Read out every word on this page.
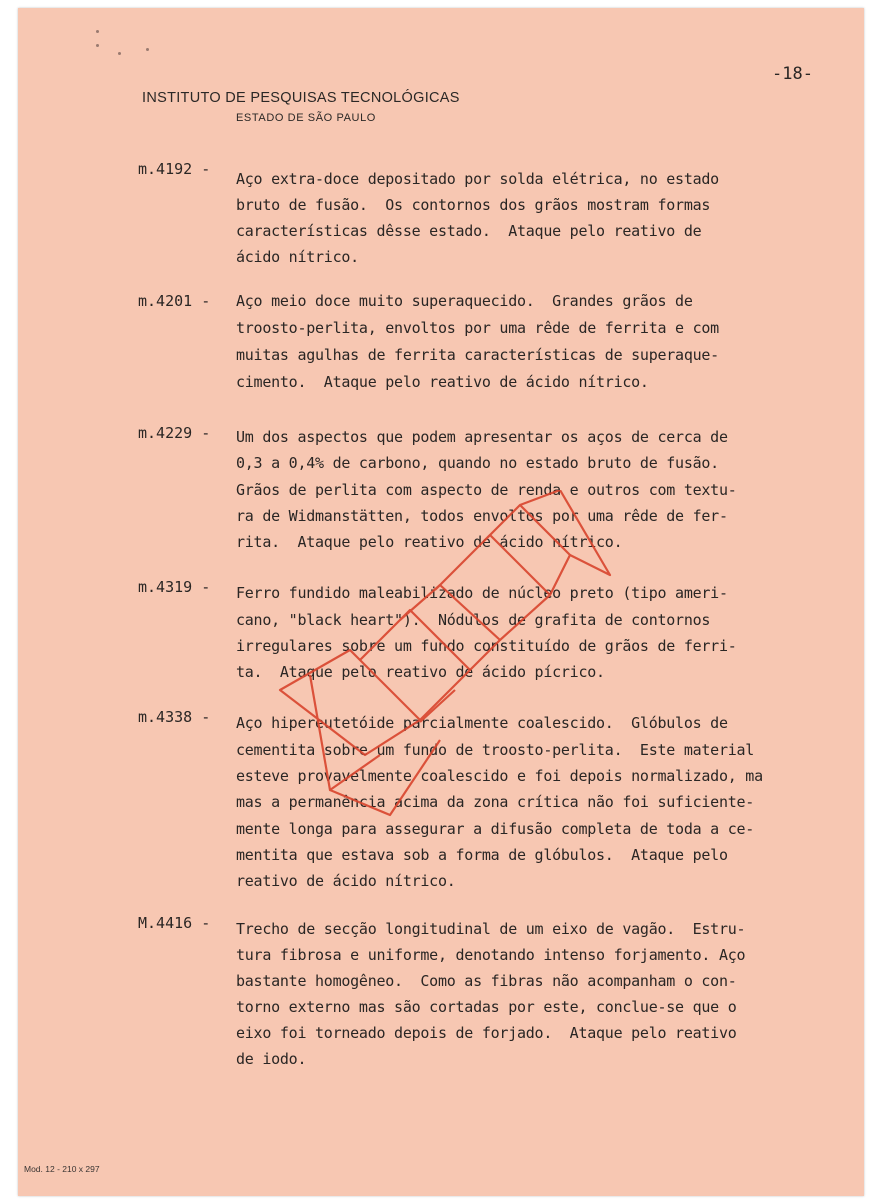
-18-
INSTITUTO DE PESQUISAS TECNOLÓGICAS
ESTADO DE SÃO PAULO
m.4192 -
Aço extra-doce depositado por solda elétrica, no estado
bruto de fusão.  Os contornos dos grãos mostram formas
características dêsse estado.  Ataque pelo reativo de
ácido nítrico.
m.4201 - Aço meio doce muito superaquecido.  Grandes grãos de
troosto-perlita, envoltos por uma rêde de ferrita e com
muitas agulhas de ferrita características de superaque-
cimento.  Ataque pelo reativo de ácido nítrico.
m.4229 - Um dos aspectos que podem apresentar os aços de cerca de
0,3 a 0,4% de carbono, quando no estado bruto de fusão.
Grãos de perlita com aspecto de renda e outros com textu-
ra de Widmanstätten, todos envoltos por uma rêde de fer-
rita.  Ataque pelo reativo de ácido nítrico.
m.4319 - Ferro fundido maleabilizado de núcleo preto (tipo ameri-
cano, "black heart").  Nódulos de grafita de contornos
irregulares sobre um fundo constituído de grãos de ferri-
ta.  Ataque pelo reativo de ácido pícrico.
m.4338 - Aço hipereutetóide parcialmente coalescido.  Glóbulos de
cementita sobre um fundo de troosto-perlita.  Este material
esteve provavelmente coalescido e foi depois normalizado, ma
mas a permanência acima da zona crítica não foi suficiente-
mente longa para assegurar a difusão completa de toda a ce-
mentita que estava sob a forma de glóbulos.  Ataque pelo
reativo de ácido nítrico.
M.4416 - Trecho de secção longitudinal de um eixo de vagão.  Estru-
tura fibrosa e uniforme, denotando intenso forjamento. Aço
bastante homogêneo.  Como as fibras não acompanham o con-
torno externo mas são cortadas por este, conclue-se que o
eixo foi torneado depois de forjado.  Ataque pelo reativo
de iodo.
Mod. 12 - 210 x 297
